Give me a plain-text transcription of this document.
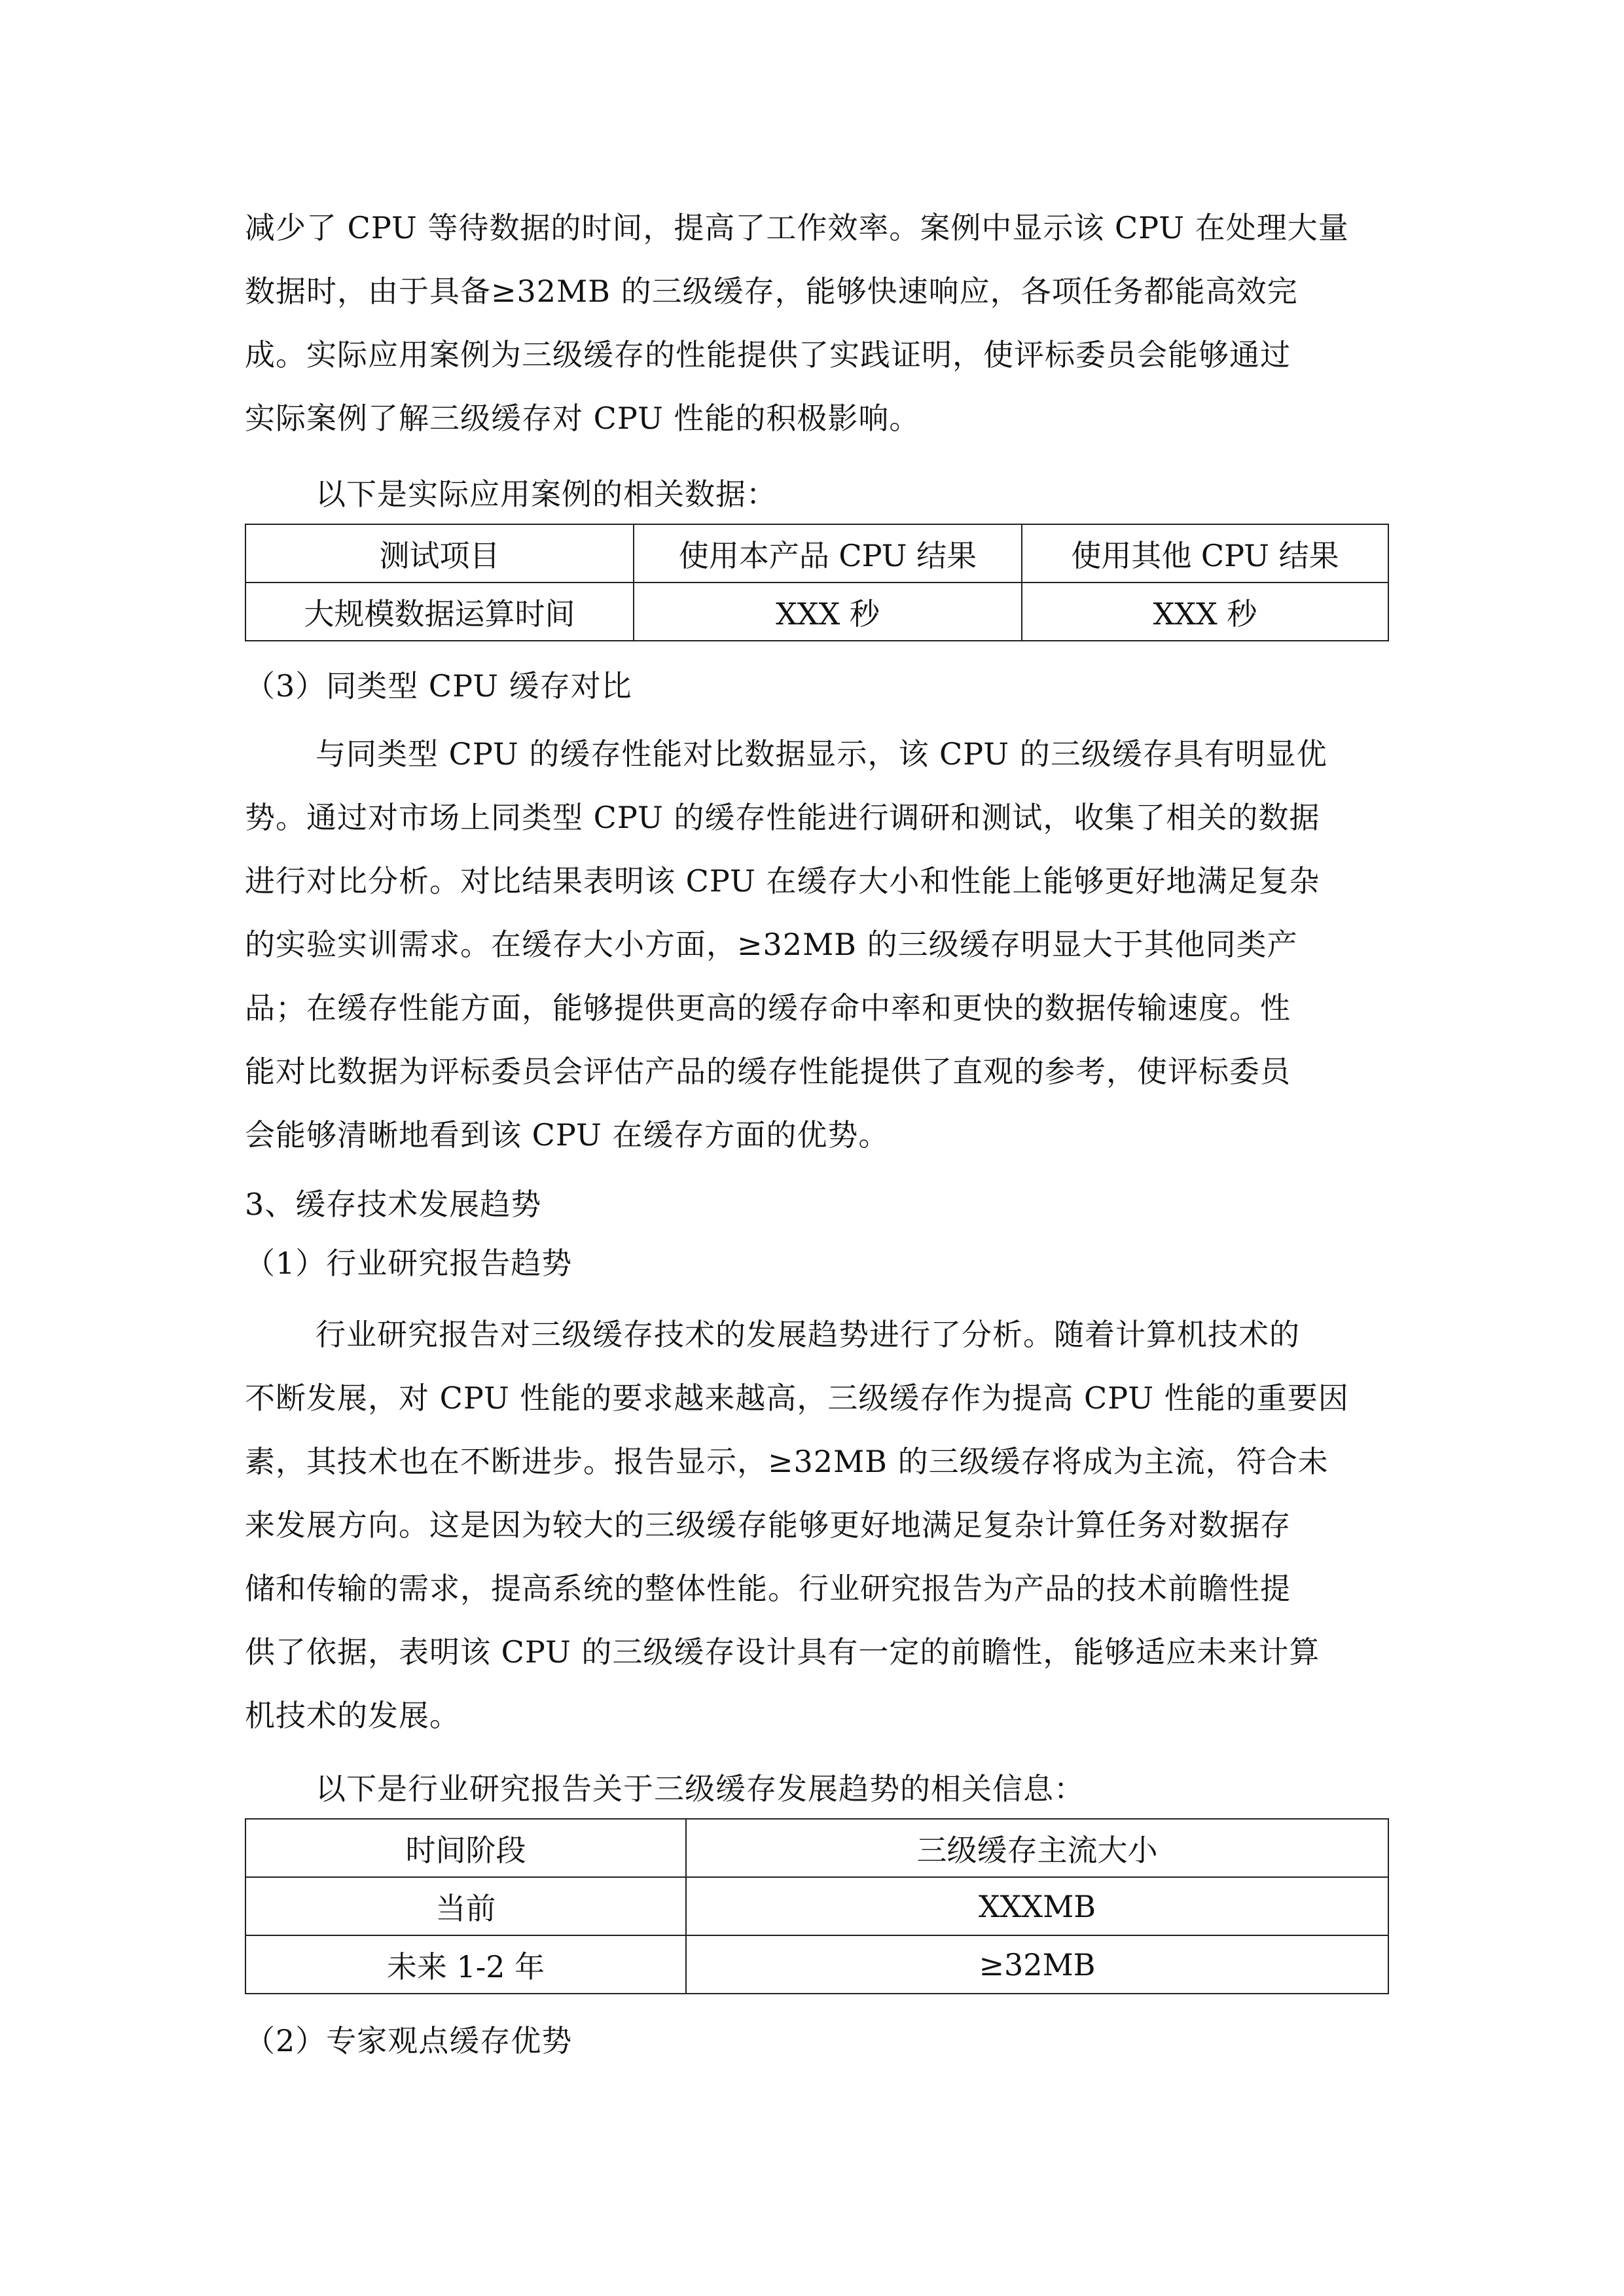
减少了 CPU 等待数据的时间，提高了工作效率。案例中显示该 CPU 在处理大量
数据时，由于具备≥32MB 的三级缓存，能够快速响应，各项任务都能高效完
成。实际应用案例为三级缓存的性能提供了实践证明，使评标委员会能够通过
实际案例了解三级缓存对 CPU 性能的积极影响。
以下是实际应用案例的相关数据：
测试项目	使用本产品 CPU 结果	使用其他 CPU 结果
大规模数据运算时间	XXX 秒	XXX 秒
（3）同类型 CPU 缓存对比
与同类型 CPU 的缓存性能对比数据显示，该 CPU 的三级缓存具有明显优
势。通过对市场上同类型 CPU 的缓存性能进行调研和测试，收集了相关的数据
进行对比分析。对比结果表明该 CPU 在缓存大小和性能上能够更好地满足复杂
的实验实训需求。在缓存大小方面，≥32MB 的三级缓存明显大于其他同类产
品；在缓存性能方面，能够提供更高的缓存命中率和更快的数据传输速度。性
能对比数据为评标委员会评估产品的缓存性能提供了直观的参考，使评标委员
会能够清晰地看到该 CPU 在缓存方面的优势。
3、缓存技术发展趋势
（1）行业研究报告趋势
行业研究报告对三级缓存技术的发展趋势进行了分析。随着计算机技术的
不断发展，对 CPU 性能的要求越来越高，三级缓存作为提高 CPU 性能的重要因
素，其技术也在不断进步。报告显示，≥32MB 的三级缓存将成为主流，符合未
来发展方向。这是因为较大的三级缓存能够更好地满足复杂计算任务对数据存
储和传输的需求，提高系统的整体性能。行业研究报告为产品的技术前瞻性提
供了依据，表明该 CPU 的三级缓存设计具有一定的前瞻性，能够适应未来计算
机技术的发展。
以下是行业研究报告关于三级缓存发展趋势的相关信息：
时间阶段	三级缓存主流大小
当前	XXXMB
未来 1-2 年	≥32MB
（2）专家观点缓存优势
